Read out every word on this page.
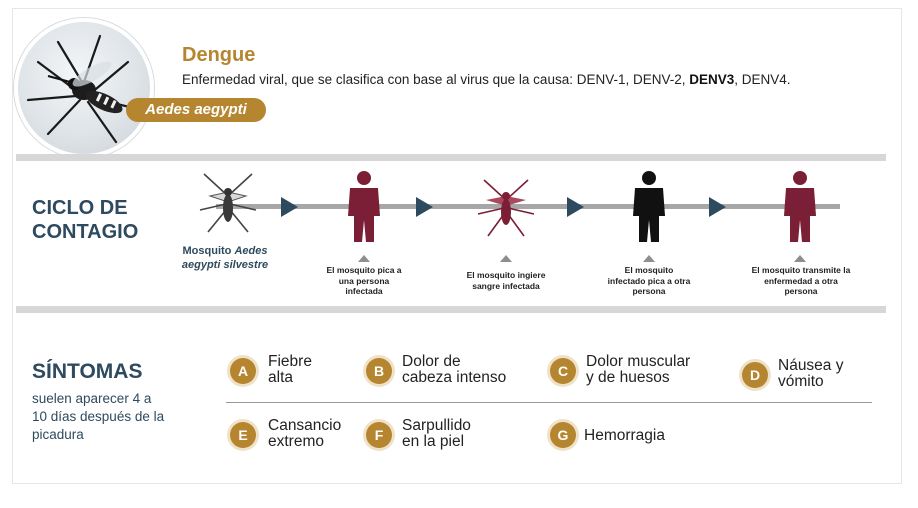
Aedes aegypti
Dengue
Enfermedad viral, que se clasifica con base al virus que la causa: DENV-1, DENV-2, DENV3, DENV4.
CICLO DE
CONTAGIO
Mosquito Aedes
aegypti silvestre	El mosquito pica a
una persona
infectada
El mosquito ingiere
sangre infectada
El mosquito
infectado pica a otra
persona
El mosquito transmite la
enfermedad a otra
persona
SÍNTOMAS
suelen aparecer 4 a
10 días después de la
picadura
A
Fiebre
alta	B
Dolor de
cabeza intenso	C
Dolor muscular
y de huesos	D
Náusea y
vómito
E
Cansancio
extremo	F
Sarpullido
en la piel	G	Hemorragia
